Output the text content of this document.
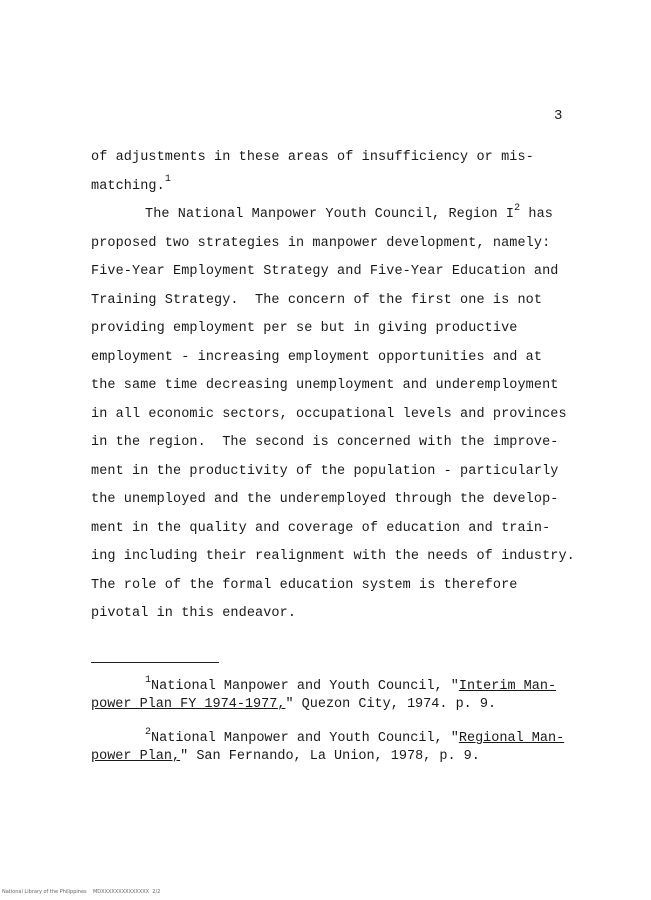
3
of adjustments in these areas of insufficiency or mis-
matching.$^1$
The National Manpower Youth Council, Region $I^2$ has
proposed two strategies in manpower development, namely:
Five-Year Employment Strategy and Five-Year Education and
Training Strategy.  The concern of the first one is not
providing employment per se but in giving productive
employment - increasing employment opportunities and at
the same time decreasing unemployment and underemployment
in all economic sectors, occupational levels and provinces
in the region.  The second is concerned with the improve-
ment in the productivity of the population - particularly
the unemployed and the underemployed through the develop-
ment in the quality and coverage of education and train-
ing including their realignment with the needs of industry.
The role of the formal education system is therefore
pivotal in this endeavor.
$^1$National Manpower and Youth Council, "Interim Man-
power Plan FY 1974-1977," Quezon City, 1974. p. 9.
$^2$National Manpower and Youth Council, "Regional Man-
power Plan," San Fernando, La Union, 1978, p. 9.
National Library of the Philippines    MDXXXXXXXXXXXXXX  2/2
